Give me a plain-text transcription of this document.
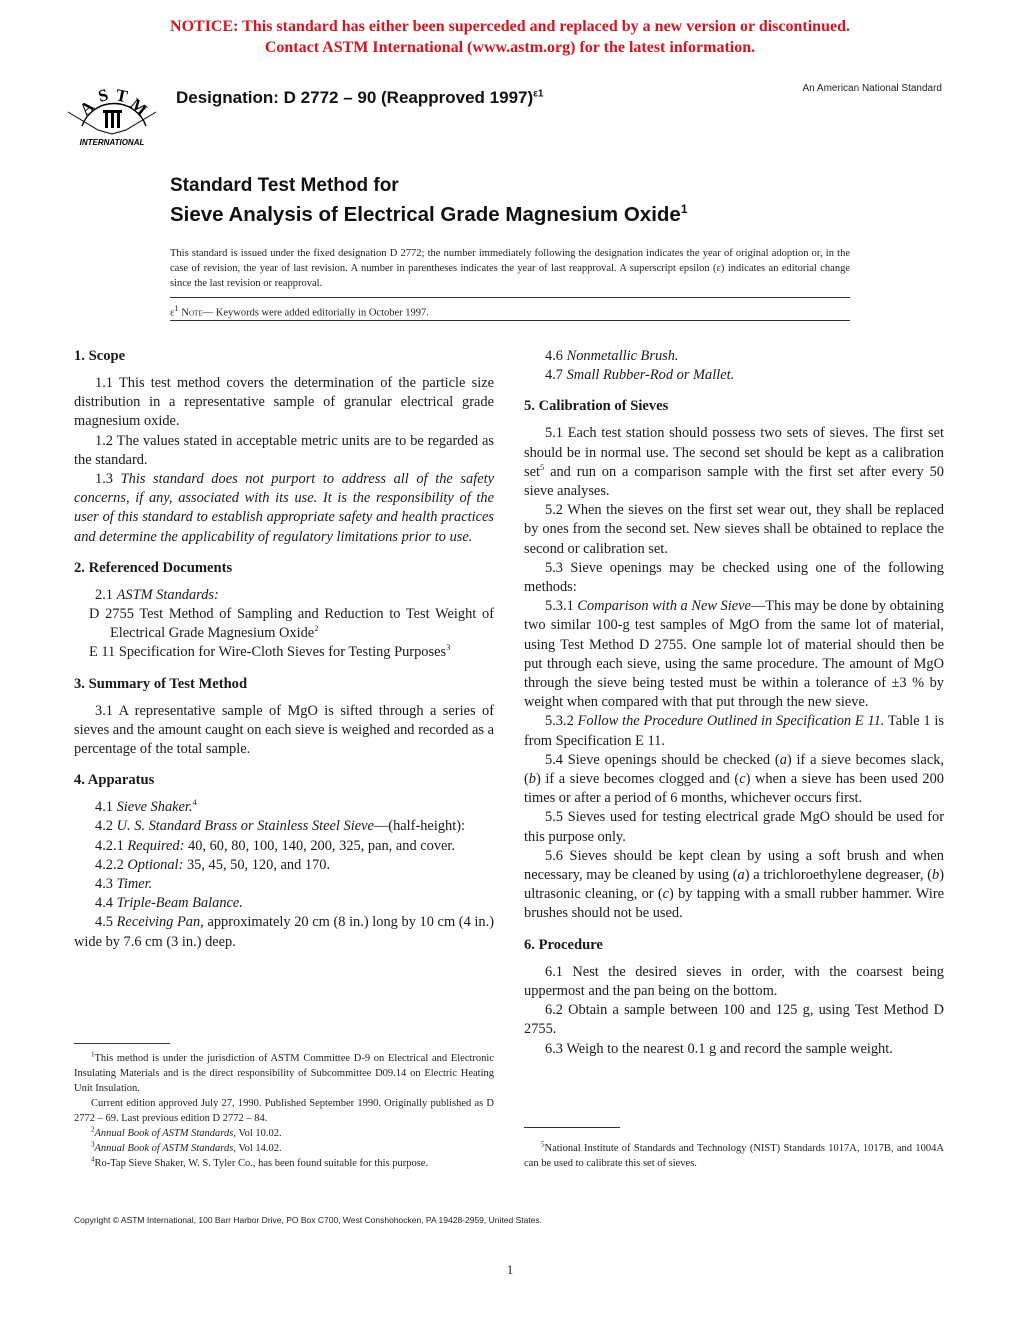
NOTICE: This standard has either been superceded and replaced by a new version or discontinued.
Contact ASTM International (www.astm.org) for the latest information.
A
S T
M
INTERNATIONAL
Designation: D 2772 – 90 (Reapproved 1997)$^{\varepsilon 1}$	An American National Standard
Standard Test Method for
Sieve Analysis of Electrical Grade Magnesium Oxide$^1$
This standard is issued under the fixed designation D 2772; the number immediately following the designation indicates the year of original adoption or, in the case of revision, the year of last revision. A number in parentheses indicates the year of last reapproval. A superscript epsilon (ε) indicates an editorial change since the last revision or reapproval.
$\varepsilon^1$ Note— Keywords were added editorially in October 1997.
1. Scope

1.1 This test method covers the determination of the particle size distribution in a representative sample of granular electrical grade magnesium oxide.

1.2 The values stated in acceptable metric units are to be regarded as the standard.

1.3 This standard does not purport to address all of the safety concerns, if any, associated with its use. It is the responsibility of the user of this standard to establish appropriate safety and health practices and determine the applicability of regulatory limitations prior to use.

2. Referenced Documents

2.1 ASTM Standards:

D 2755 Test Method of Sampling and Reduction to Test Weight of Electrical Grade Magnesium Oxide$^2$

E 11 Specification for Wire-Cloth Sieves for Testing Purposes$^3$

3. Summary of Test Method

3.1 A representative sample of MgO is sifted through a series of sieves and the amount caught on each sieve is weighed and recorded as a percentage of the total sample.

4. Apparatus

4.1 Sieve Shaker.$^4$

4.2 U. S. Standard Brass or Stainless Steel Sieve—(half-height):

4.2.1 Required: 40, 60, 80, 100, 140, 200, 325, pan, and cover.

4.2.2 Optional: 35, 45, 50, 120, and 170.

4.3 Timer.

4.4 Triple-Beam Balance.

4.5 Receiving Pan, approximately 20 cm (8 in.) long by 10 cm (4 in.) wide by 7.6 cm (3 in.) deep.

$^1$This method is under the jurisdiction of ASTM Committee D-9 on Electrical and Electronic Insulating Materials and is the direct responsibility of Subcommittee D09.14 on Electric Heating Unit Insulation.

Current edition approved July 27, 1990. Published September 1990. Originally published as D 2772 – 69. Last previous edition D 2772 – 84.

$^2$Annual Book of ASTM Standards, Vol 10.02.

$^3$Annual Book of ASTM Standards, Vol 14.02.

$^4$Ro-Tap Sieve Shaker, W. S. Tyler Co., has been found suitable for this purpose.

4.6 Nonmetallic Brush.

4.7 Small Rubber-Rod or Mallet.

5. Calibration of Sieves

5.1 Each test station should possess two sets of sieves. The first set should be in normal use. The second set should be kept as a calibration set$^5$ and run on a comparison sample with the first set after every 50 sieve analyses.

5.2 When the sieves on the first set wear out, they shall be replaced by ones from the second set. New sieves shall be obtained to replace the second or calibration set.

5.3 Sieve openings may be checked using one of the following methods:

5.3.1 Comparison with a New Sieve—This may be done by obtaining two similar 100-g test samples of MgO from the same lot of material, using Test Method D 2755. One sample lot of material should then be put through each sieve, using the same procedure. The amount of MgO through the sieve being tested must be within a tolerance of ±3 % by weight when compared with that put through the new sieve.

5.3.2 Follow the Procedure Outlined in Specification E 11. Table 1 is from Specification E 11.

5.4 Sieve openings should be checked (a) if a sieve becomes slack, (b) if a sieve becomes clogged and (c) when a sieve has been used 200 times or after a period of 6 months, whichever occurs first.

5.5 Sieves used for testing electrical grade MgO should be used for this purpose only.

5.6 Sieves should be kept clean by using a soft brush and when necessary, may be cleaned by using (a) a trichloroethylene degreaser, (b) ultrasonic cleaning, or (c) by tapping with a small rubber hammer. Wire brushes should not be used.

6. Procedure

6.1 Nest the desired sieves in order, with the coarsest being uppermost and the pan being on the bottom.

6.2 Obtain a sample between 100 and 125 g, using Test Method D 2755.

6.3 Weigh to the nearest 0.1 g and record the sample weight.

$^5$National Institute of Standards and Technology (NIST) Standards 1017A, 1017B, and 1004A can be used to calibrate this set of sieves.

Copyright © ASTM International, 100 Barr Harbor Drive, PO Box C700, West Conshohocken, PA 19428-2959, United States.
1
